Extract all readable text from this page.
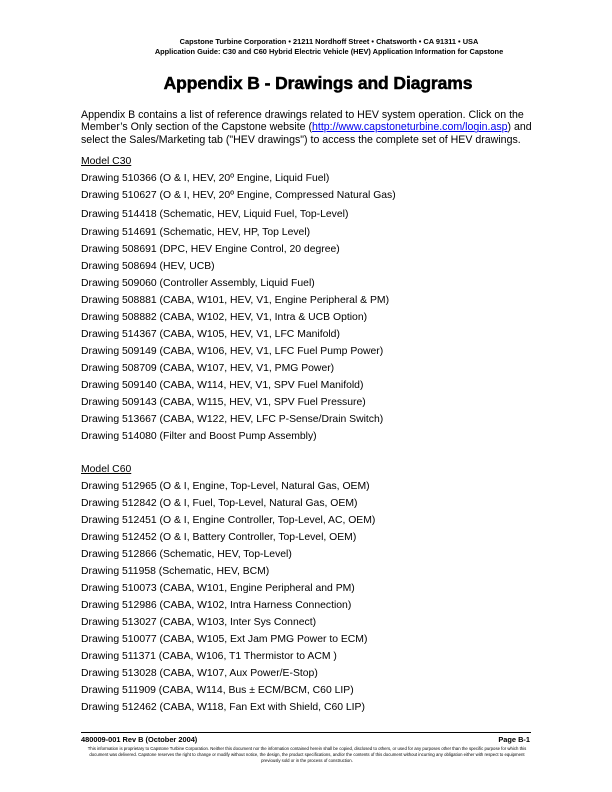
Capstone Turbine Corporation • 21211 Nordhoff Street • Chatsworth • CA 91311 • USA
Application Guide: C30 and C60 Hybrid Electric Vehicle (HEV) Application Information for Capstone
Appendix B - Drawings and Diagrams
Appendix B contains a list of reference drawings related to HEV system operation. Click on the Member’s Only section of the Capstone website (http://www.capstoneturbine.com/login.asp) and select the Sales/Marketing tab ("HEV drawings") to access the complete set of HEV drawings.
Model C30
Drawing 510366 (O & I, HEV, 20º Engine, Liquid Fuel)
Drawing 510627 (O & I, HEV, 20º Engine, Compressed Natural Gas)
Drawing 514418 (Schematic, HEV, Liquid Fuel, Top-Level)
Drawing 514691 (Schematic, HEV, HP, Top Level)
Drawing 508691 (DPC, HEV Engine Control, 20 degree)
Drawing 508694 (HEV, UCB)
Drawing 509060 (Controller Assembly, Liquid Fuel)
Drawing 508881 (CABA, W101, HEV, V1, Engine Peripheral & PM)
Drawing 508882 (CABA, W102, HEV, V1, Intra & UCB Option)
Drawing 514367 (CABA, W105, HEV, V1, LFC Manifold)
Drawing 509149 (CABA, W106, HEV, V1, LFC Fuel Pump Power)
Drawing 508709 (CABA, W107, HEV, V1, PMG Power)
Drawing 509140 (CABA, W114, HEV, V1, SPV Fuel Manifold)
Drawing 509143 (CABA, W115, HEV, V1, SPV Fuel Pressure)
Drawing 513667 (CABA, W122, HEV, LFC P-Sense/Drain Switch)
Drawing 514080 (Filter and Boost Pump Assembly)
Model C60
Drawing 512965 (O & I, Engine, Top-Level, Natural Gas, OEM)
Drawing 512842 (O & I, Fuel, Top-Level, Natural Gas, OEM)
Drawing 512451 (O & I, Engine Controller, Top-Level, AC, OEM)
Drawing 512452 (O & I, Battery Controller, Top-Level, OEM)
Drawing 512866 (Schematic, HEV, Top-Level)
Drawing 511958 (Schematic, HEV, BCM)
Drawing 510073 (CABA, W101, Engine Peripheral and PM)
Drawing 512986 (CABA, W102, Intra Harness Connection)
Drawing 513027 (CABA, W103, Inter Sys Connect)
Drawing 510077 (CABA, W105, Ext Jam PMG Power to ECM)
Drawing 511371 (CABA, W106, T1 Thermistor to ACM )
Drawing 513028 (CABA, W107, Aux Power/E-Stop)
Drawing 511909 (CABA, W114, Bus ± ECM/BCM, C60 LIP)
Drawing 512462 (CABA, W118, Fan Ext with Shield, C60 LIP)
480009-001 Rev B (October 2004)	Page B-1
This information is proprietary to Capstone Turbine Corporation. Neither this document nor the information contained herein shall be copied, disclosed to others, or used for any purposes other than the specific purpose for which this document was delivered. Capstone reserves the right to change or modify without notice, the design, the product specifications, and/or the contents of this document without incurring any obligation either with respect to equipment previously sold or in the process of construction.
